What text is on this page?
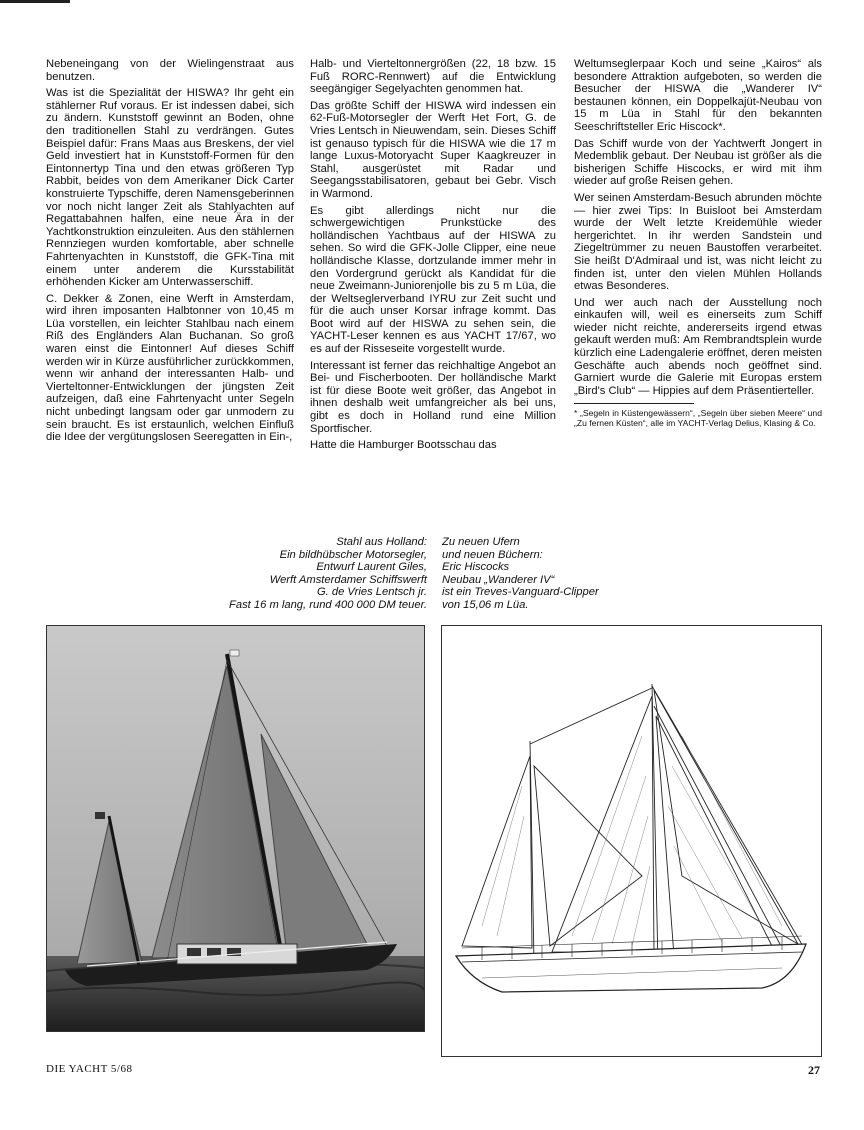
Nebeneingang von der Wielingenstraat aus benutzen.

Was ist die Spezialität der HISWA? Ihr geht ein stählerner Ruf voraus. Er ist indessen dabei, sich zu ändern. Kunststoff gewinnt an Boden, ohne den traditionellen Stahl zu verdrängen. Gutes Beispiel dafür: Frans Maas aus Breskens, der viel Geld investiert hat in Kunststoff-Formen für den Eintonnertyp Tina und den etwas größeren Typ Rabbit, beides von dem Amerikaner Dick Carter konstruierte Typschiffe, deren Namensgeberinnen vor noch nicht langer Zeit als Stahlyachten auf Regattabahnen halfen, eine neue Ära in der Yachtkonstruktion einzuleiten. Aus den stählernen Rennziegen wurden komfortable, aber schnelle Fahrtenyachten in Kunststoff, die GFK-Tina mit einem unter anderem die Kursstabilität erhöhenden Kicker am Unterwasserschiff.

C. Dekker & Zonen, eine Werft in Amsterdam, wird ihren imposanten Halbtonner von 10,45 m Lüa vorstellen, ein leichter Stahlbau nach einem Riß des Engländers Alan Buchanan. So groß waren einst die Eintonner! Auf dieses Schiff werden wir in Kürze ausführlicher zurückkommen, wenn wir anhand der interessanten Halb- und Vierteltonner-Entwicklungen der jüngsten Zeit aufzeigen, daß eine Fahrtenyacht unter Segeln nicht unbedingt langsam oder gar unmodern zu sein braucht. Es ist erstaunlich, welchen Einfluß die Idee der vergütungslosen Seeregatten in Ein-,

Halb- und Vierteltonnergrößen (22, 18 bzw. 15 Fuß RORC-Rennwert) auf die Entwicklung seegängiger Segelyachten genommen hat.

Das größte Schiff der HISWA wird indessen ein 62-Fuß-Motorsegler der Werft Het Fort, G. de Vries Lentsch in Nieuwendam, sein. Dieses Schiff ist genauso typisch für die HISWA wie die 17 m lange Luxus-Motoryacht Super Kaagkreuzer in Stahl, ausgerüstet mit Radar und Seegangsstabilisatoren, gebaut bei Gebr. Visch in Warmond.

Es gibt allerdings nicht nur die schwergewichtigen Prunkstücke des holländischen Yachtbaus auf der HISWA zu sehen. So wird die GFK-Jolle Clipper, eine neue holländische Klasse, dortzulande immer mehr in den Vordergrund gerückt als Kandidat für die neue Zweimann-Juniorenjolle bis zu 5 m Lüa, die der Weltseglerverband IYRU zur Zeit sucht und für die auch unser Korsar infrage kommt. Das Boot wird auf der HISWA zu sehen sein, die YACHT-Leser kennen es aus YACHT 17/67, wo es auf der Risseseite vorgestellt wurde.

Interessant ist ferner das reichhaltige Angebot an Bei- und Fischerbooten. Der holländische Markt ist für diese Boote weit größer, das Angebot in ihnen deshalb weit umfangreicher als bei uns, gibt es doch in Holland rund eine Million Sportfischer.

Hatte die Hamburger Bootsschau das

Weltumseglerpaar Koch und seine „Kairos“ als besondere Attraktion aufgeboten, so werden die Besucher der HISWA die „Wanderer IV“ bestaunen können, ein Doppelkajüt-Neubau von 15 m Lüa in Stahl für den bekannten Seeschriftsteller Eric Hiscock*.

Das Schiff wurde von der Yachtwerft Jongert in Medemblik gebaut. Der Neubau ist größer als die bisherigen Schiffe Hiscocks, er wird mit ihm wieder auf große Reisen gehen.

Wer seinen Amsterdam-Besuch abrunden möchte — hier zwei Tips: In Buisloot bei Amsterdam wurde der Welt letzte Kreidemühle wieder hergerichtet. In ihr werden Sandstein und Ziegeltrümmer zu neuen Baustoffen verarbeitet. Sie heißt D'Admiraal und ist, was nicht leicht zu finden ist, unter den vielen Mühlen Hollands etwas Besonderes.

Und wer auch nach der Ausstellung noch einkaufen will, weil es einerseits zum Schiff wieder nicht reichte, andererseits irgend etwas gekauft werden muß: Am Rembrandtsplein wurde kürzlich eine Ladengalerie eröffnet, deren meisten Geschäfte auch abends noch geöffnet sind. Garniert wurde die Galerie mit Europas erstem „Bird's Club“ — Hippies auf dem Präsentierteller.

* „Segeln in Küstengewässern“, „Segeln über sieben Meere“ und „Zu fernen Küsten“, alle im YACHT-Verlag Delius, Klasing & Co.

Stahl aus Holland:
Ein bildhübscher Motorsegler,
Entwurf Laurent Giles,
Werft Amsterdamer Schiffswerft
G. de Vries Lentsch jr.
Fast 16 m lang, rund 400 000 DM teuer.
Zu neuen Ufern
und neuen Büchern:
Eric Hiscocks
Neubau „Wanderer IV“
ist ein Treves-Vanguard-Clipper
von 15,06 m Lüa.
DIE YACHT 5/68	27
